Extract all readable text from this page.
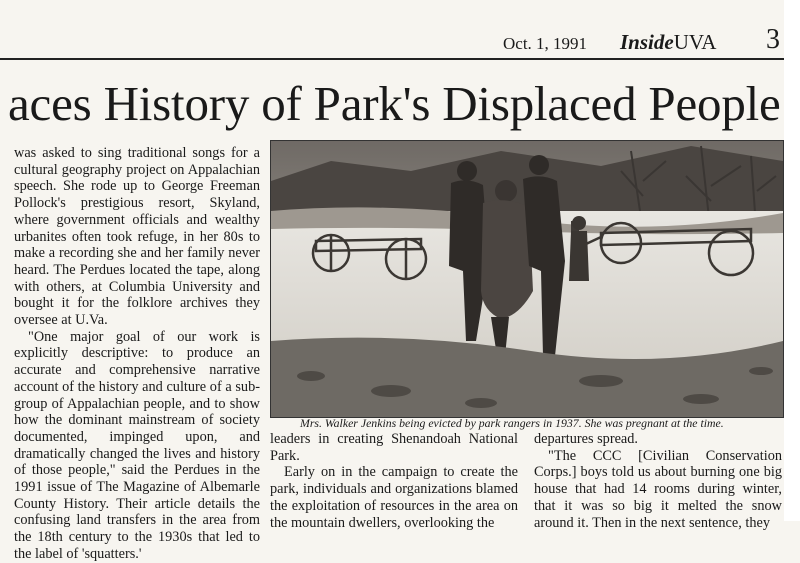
Oct. 1, 1991 InsideUVA 3
aces History of Park's Displaced People

was asked to sing traditional songs for a cultural geography project on Appalachian speech. She rode up to George Freeman Pollock's prestigious resort, Skyland, where government officials and wealthy urbanites often took refuge, in her 80s to make a recording she and her family never heard. The Perdues located the tape, along with others, at Columbia University and bought it for the folklore archives they oversee at U.Va.

"One major goal of our work is explicitly descriptive: to produce an accurate and comprehensive narrative account of the history and culture of a sub-group of Appalachian people, and to show how the dominant mainstream of society documented, impinged upon, and dramatically changed the lives and history of those people," said the Perdues in the 1991 issue of The Magazine of Albemarle County History. Their article details the confusing land transfers in the area from the 18th century to the 1930s that led to the label of 'squatters.'

Mrs. Walker Jenkins being evicted by park rangers in 1937. She was pregnant at the time.

leaders in creating Shenandoah National Park.

Early on in the campaign to create the park, individuals and organizations blamed the exploitation of resources in the area on the mountain dwellers, overlooking the

departures spread.

"The CCC [Civilian Conservation Corps.] boys told us about burning one big house that had 14 rooms during winter, that it was so big it melted the snow around it. Then in the next sentence, they
